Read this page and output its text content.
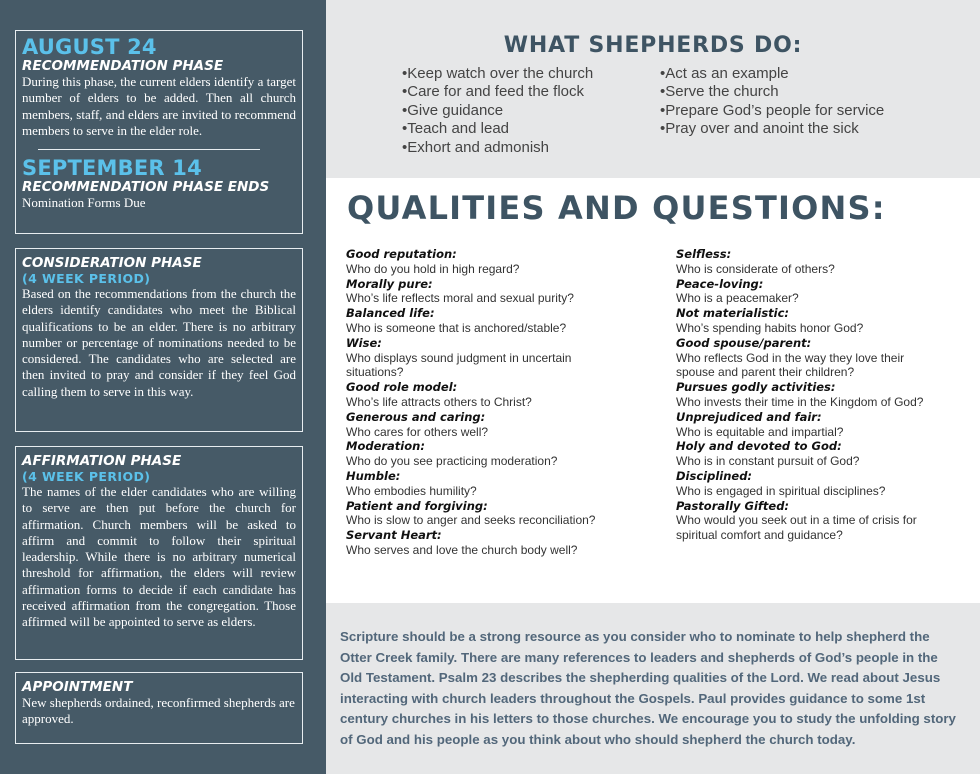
AUGUST 24
RECOMMENDATION PHASE
During this phase, the current elders identify a target number of elders to be added. Then all church members, staff, and elders are invited to recommend members to serve in the elder role.
SEPTEMBER 14
RECOMMENDATION PHASE ENDS
Nomination Forms Due
CONSIDERATION PHASE
(4 WEEK PERIOD)
Based on the recommendations from the church the elders identify candidates who meet the Biblical qualifications to be an elder. There is no arbitrary number or percentage of nominations needed to be considered. The candidates who are selected are then invited to pray and consider if they feel God calling them to serve in this way.
AFFIRMATION PHASE
(4 WEEK PERIOD)
The names of the elder candidates who are willing to serve are then put before the church for affirmation. Church members will be asked to affirm and commit to follow their spiritual leadership. While there is no arbitrary numerical threshold for affirmation, the elders will review affirmation forms to decide if each candidate has received affirmation from the congregation. Those affirmed will be appointed to serve as elders.
APPOINTMENT
New shepherds ordained, reconfirmed shepherds are approved.
WHAT SHEPHERDS DO:
•Keep watch over the church
•Care for and feed the flock
•Give guidance
•Teach and lead
•Exhort and admonish
•Act as an example
•Serve the church
•Prepare God’s people for service
•Pray over and anoint the sick
QUALITIES AND QUESTIONS:
Good reputation:
Who do you hold in high regard?
Morally pure:
Who’s life reflects moral and sexual purity?
Balanced life:
Who is someone that is anchored/stable?
Wise:
Who displays sound judgment in uncertain situations?
Good role model:
Who’s life attracts others to Christ?
Generous and caring:
Who cares for others well?
Moderation:
Who do you see practicing moderation?
Humble:
Who embodies humility?
Patient and forgiving:
Who is slow to anger and seeks reconciliation?
Servant Heart:
Who serves and love the church body well?
Selfless:
Who is considerate of others?
Peace-loving:
Who is a peacemaker?
Not materialistic:
Who’s spending habits honor God?
Good spouse/parent:
Who reflects God in the way they love their spouse and parent their children?
Pursues godly activities:
Who invests their time in the Kingdom of God?
Unprejudiced and fair:
Who is equitable and impartial?
Holy and devoted to God:
Who is in constant pursuit of God?
Disciplined:
Who is engaged in spiritual disciplines?
Pastorally Gifted:
Who would you seek out in a time of crisis for spiritual comfort and guidance?

Scripture should be a strong resource as you consider who to nominate to help shepherd the Otter Creek family. There are many references to leaders and shepherds of God’s people in the Old Testament. Psalm 23 describes the shepherding qualities of the Lord. We read about Jesus interacting with church leaders throughout the Gospels. Paul provides guidance to some 1st century churches in his letters to those churches. We encourage you to study the unfolding story of God and his people as you think about who should shepherd the church today.
